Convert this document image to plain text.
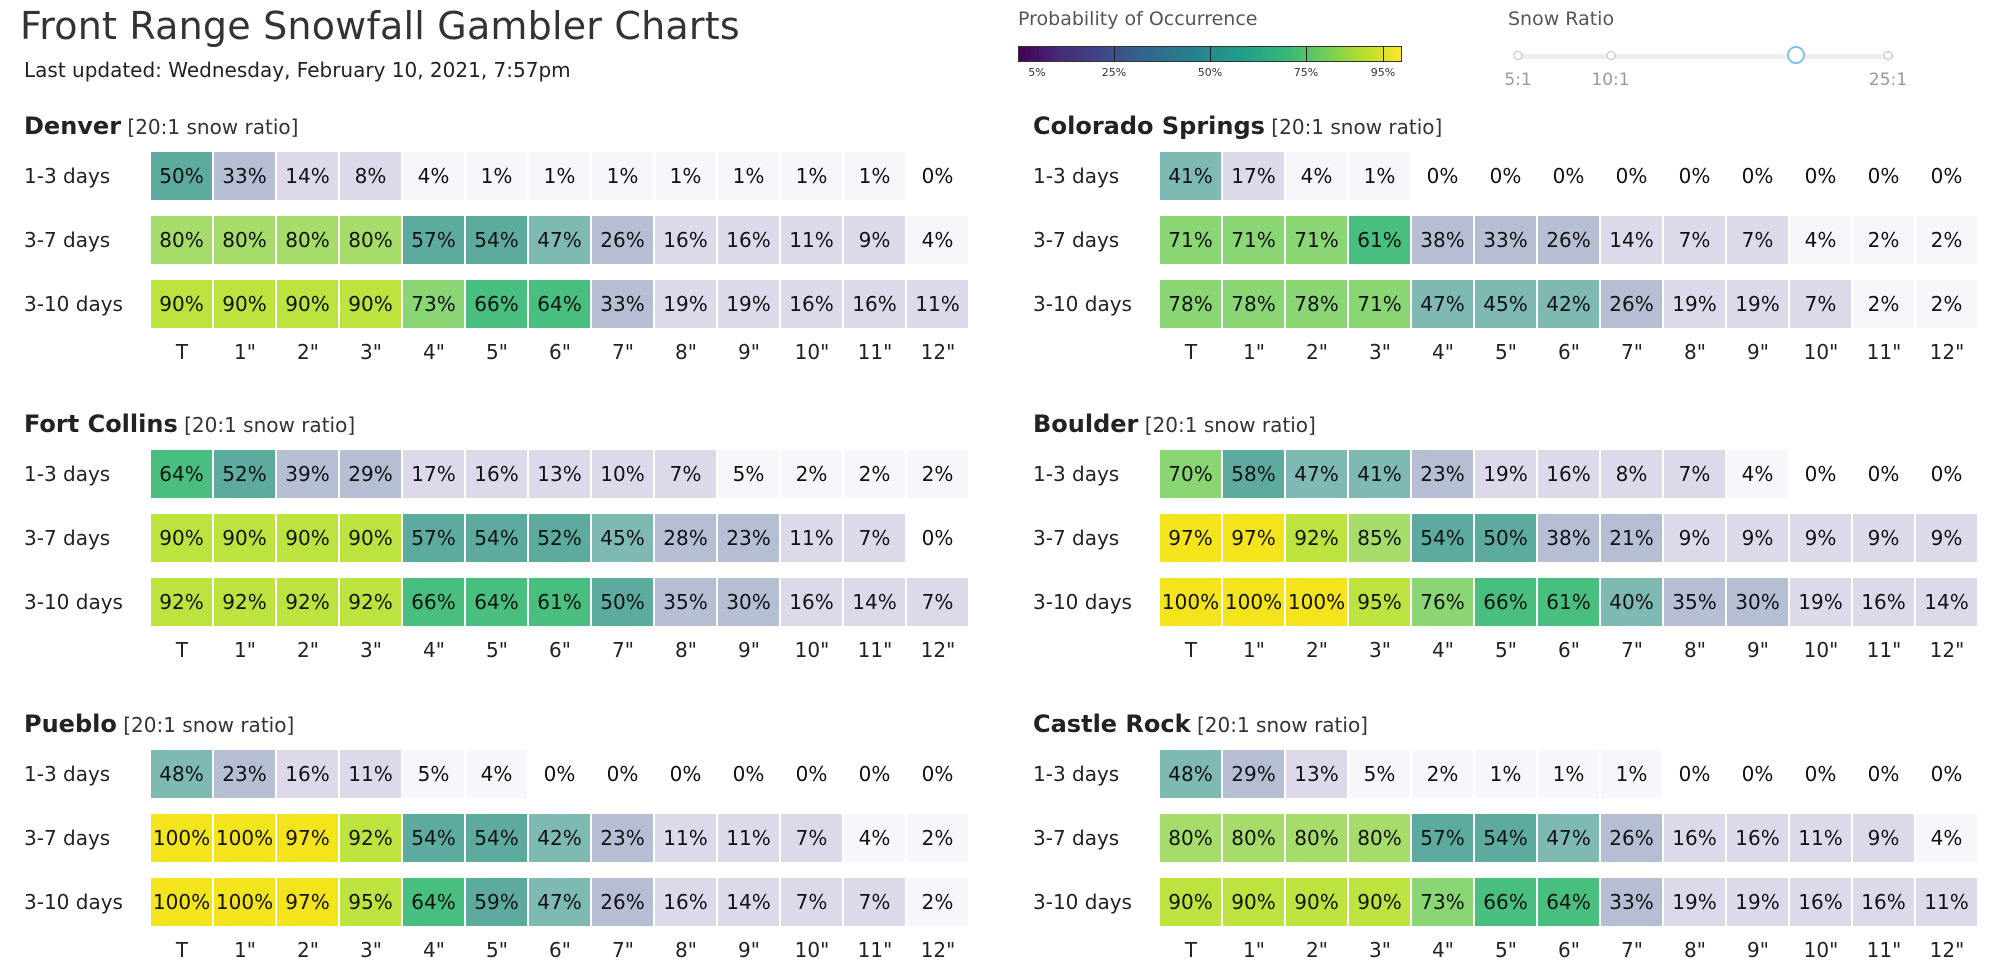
Front Range Snowfall Gambler Charts
Last updated: Wednesday, February 10, 2021, 7:57pm
Probability of Occurrence
5%	25%	50%	75%	95%
Snow Ratio
5:1	10:1	25:1
Denver [20:1 snow ratio]
1-3 days	50% 33% 14%	8%	4%	1%	1%	1%	1%	1%	1%	1%	0%
3-7 days	80% 80% 80% 80% 57% 54% 47% 26% 16% 16% 11%	9%	4%
3-10 days	90% 90% 90% 90% 73% 66% 64% 33% 19% 19% 16% 16% 11%
T	1"	2"	3"	4"	5"	6"	7"	8"	9"	10"	11"	12"
Colorado Springs [20:1 snow ratio]
1-3 days	41% 17%	4%	1%	0%	0%	0%	0%	0%	0%	0%	0%	0%
3-7 days	71% 71% 71% 61% 38% 33% 26% 14%	7%	7%	4%	2%	2%
3-10 days	78% 78% 78% 71% 47% 45% 42% 26% 19% 19%	7%	2%	2%
T	1"	2"	3"	4"	5"	6"	7"	8"	9"	10"	11"	12"
Fort Collins [20:1 snow ratio]
1-3 days	64% 52% 39% 29% 17% 16% 13% 10%	7%	5%	2%	2%	2%
3-7 days	90% 90% 90% 90% 57% 54% 52% 45% 28% 23% 11%	7%	0%
3-10 days	92% 92% 92% 92% 66% 64% 61% 50% 35% 30% 16% 14%	7%
T	1"	2"	3"	4"	5"	6"	7"	8"	9"	10"	11"	12"
Boulder [20:1 snow ratio]
1-3 days	70% 58% 47% 41% 23% 19% 16%	8%	7%	4%	0%	0%	0%
3-7 days	97% 97% 92% 85% 54% 50% 38% 21%	9%	9%	9%	9%	9%
3-10 days 100% 100% 100% 95% 76% 66% 61% 40% 35% 30% 19% 16% 14%
T	1"	2"	3"	4"	5"	6"	7"	8"	9"	10"	11"	12"
Pueblo [20:1 snow ratio]
1-3 days	48% 23% 16% 11%	5%	4%	0%	0%	0%	0%	0%	0%	0%
3-7 days 100% 100% 97% 92% 54% 54% 42% 23% 11% 11%	7%	4%	2%
3-10 days 100% 100% 97% 95% 64% 59% 47% 26% 16% 14%	7%	7%	2%
T	1"	2"	3"	4"	5"	6"	7"	8"	9"	10"	11"	12"
Castle Rock [20:1 snow ratio]
1-3 days	48% 29% 13%	5%	2%	1%	1%	1%	0%	0%	0%	0%	0%
3-7 days	80% 80% 80% 80% 57% 54% 47% 26% 16% 16% 11%	9%	4%
3-10 days	90% 90% 90% 90% 73% 66% 64% 33% 19% 19% 16% 16% 11%
T	1"	2"	3"	4"	5"	6"	7"	8"	9"	10"	11"	12"
